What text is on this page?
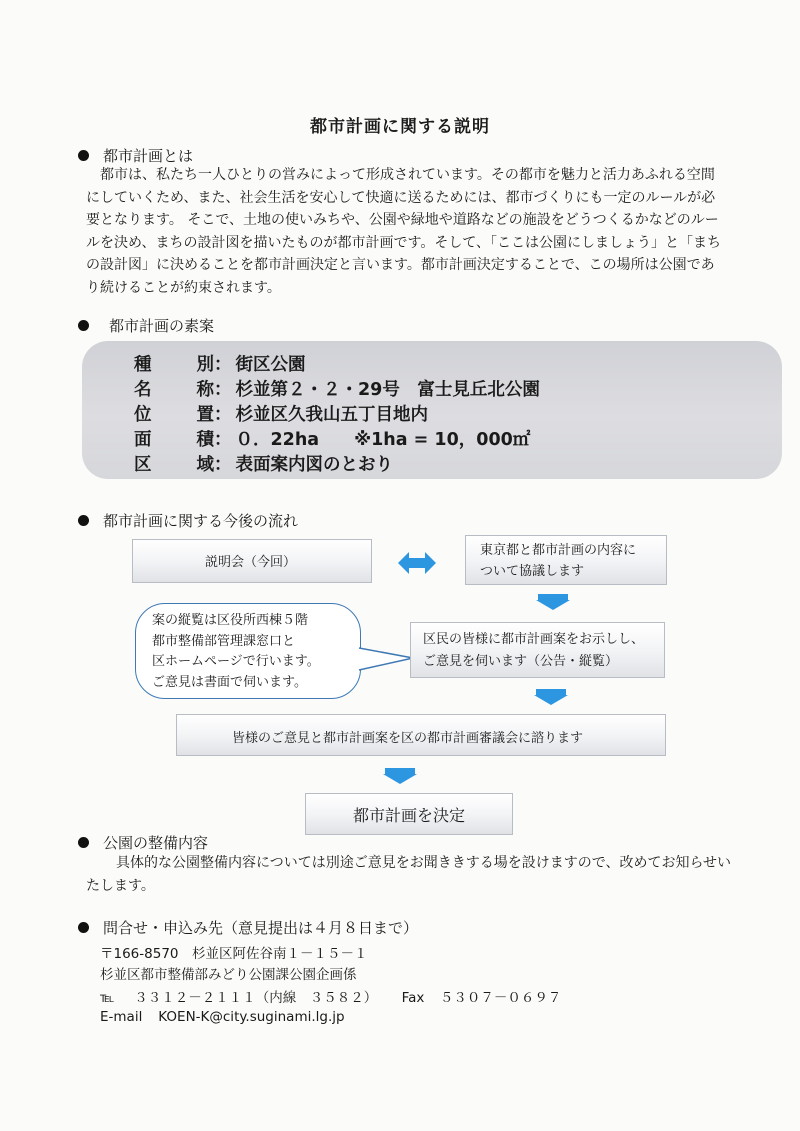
都市計画に関する説明
都市計画とは
都市は、私たち一人ひとりの営みによって形成されています。その都市を魅力と活力あふれる空間
にしていくため、また、社会生活を安心して快適に送るためには、都市づくりにも一定のルールが必
要となります。 そこで、土地の使いみちや、公園や緑地や道路などの施設をどうつくるかなどのルー
ルを決め、まちの設計図を描いたものが都市計画です。そして、「ここは公園にしましょう」と「まち
の設計図」に決めることを都市計画決定と言います。都市計画決定することで、この場所は公園であ
り続けることが約束されます。
都市計画の素案
種	別 ： 街区公園
名	称 ： 杉並第２・２・29号　富士見丘北公園
位	置 ： 杉並区久我山五丁目地内
面	積 ： ０．22ha　　※1ha = 10，000㎡
区	域 ： 表面案内図のとおり
都市計画に関する今後の流れ
説明会（今回）
東京都と都市計画の内容に
ついて協議します
案の縦覧は区役所西棟５階
都市整備部管理課窓口と
区ホームページで行います。
ご意見は書面で伺います。
区民の皆様に都市計画案をお示しし、
ご意見を伺います（公告・縦覧）
皆様のご意見と都市計画案を区の都市計画審議会に諮ります
都市計画を決定
公園の整備内容
具体的な公園整備内容については別途ご意見をお聞ききする場を設けますので、改めてお知らせい
たします。
問合せ・申込み先（意見提出は４月８日まで）
〒166‐8570　杉並区阿佐谷南１－１５－１
杉並区都市整備部みどり公園課公園企画係
℡ ３３１２－２１１１（内線　３５８２） Fax ５３０７－０６９７
E-mail KOEN-K@city.suginami.lg.jp
